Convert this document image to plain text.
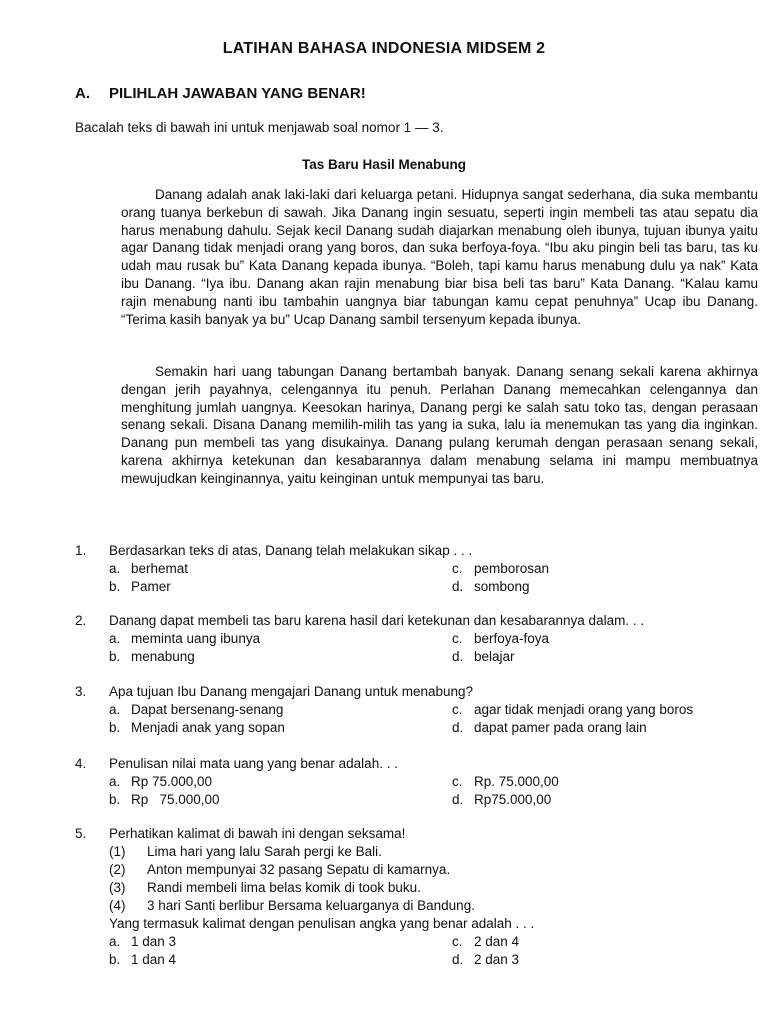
LATIHAN BAHASA INDONESIA MIDSEM 2
A. PILIHLAH JAWABAN YANG BENAR!
Bacalah teks di bawah ini untuk menjawab soal nomor 1 — 3.
Tas Baru Hasil Menabung

Danang adalah anak laki-laki dari keluarga petani. Hidupnya sangat sederhana, dia suka membantu orang tuanya berkebun di sawah. Jika Danang ingin sesuatu, seperti ingin membeli tas atau sepatu dia harus menabung dahulu. Sejak kecil Danang sudah diajarkan menabung oleh ibunya, tujuan ibunya yaitu agar Danang tidak menjadi orang yang boros, dan suka berfoya-foya. “Ibu aku pingin beli tas baru, tas ku udah mau rusak bu” Kata Danang kepada ibunya. “Boleh, tapi kamu harus menabung dulu ya nak” Kata ibu Danang. “Iya ibu. Danang akan rajin menabung biar bisa beli tas baru” Kata Danang. “Kalau kamu rajin menabung nanti ibu tambahin uangnya biar tabungan kamu cepat penuhnya” Ucap ibu Danang. “Terima kasih banyak ya bu” Ucap Danang sambil tersenyum kepada ibunya.

Semakin hari uang tabungan Danang bertambah banyak. Danang senang sekali karena akhirnya dengan jerih payahnya, celengannya itu penuh. Perlahan Danang memecahkan celengannya dan menghitung jumlah uangnya. Keesokan harinya, Danang pergi ke salah satu toko tas, dengan perasaan senang sekali. Disana Danang memilih-milih tas yang ia suka, lalu ia menemukan tas yang dia inginkan. Danang pun membeli tas yang disukainya. Danang pulang kerumah dengan perasaan senang sekali, karena akhirnya ketekunan dan kesabarannya dalam menabung selama ini mampu membuatnya mewujudkan keinginannya, yaitu keinginan untuk mempunyai tas baru.

1. Berdasarkan teks di atas, Danang telah melakukan sikap . . .
a. berhemat	c. pemborosan
b. Pamer	d. sombong
2. Danang dapat membeli tas baru karena hasil dari ketekunan dan kesabarannya dalam. . .
a. meminta uang ibunya	c. berfoya-foya
b. menabung	d. belajar
3. Apa tujuan Ibu Danang mengajari Danang untuk menabung?
a. Dapat bersenang-senang	c. agar tidak menjadi orang yang boros
b. Menjadi anak yang sopan	d. dapat pamer pada orang lain
4. Penulisan nilai mata uang yang benar adalah. . .
a. Rp 75.000,00	c. Rp. 75.000,00
b. Rp   75.000,00	d. Rp75.000,00
5. Perhatikan kalimat di bawah ini dengan seksama!
(1) Lima hari yang lalu Sarah pergi ke Bali.
(2) Anton mempunyai 32 pasang Sepatu di kamarnya.
(3) Randi membeli lima belas komik di took buku.
(4) 3 hari Santi berlibur Bersama keluarganya di Bandung.
Yang termasuk kalimat dengan penulisan angka yang benar adalah . . .
a. 1 dan 3	c. 2 dan 4
b. 1 dan 4	d. 2 dan 3
